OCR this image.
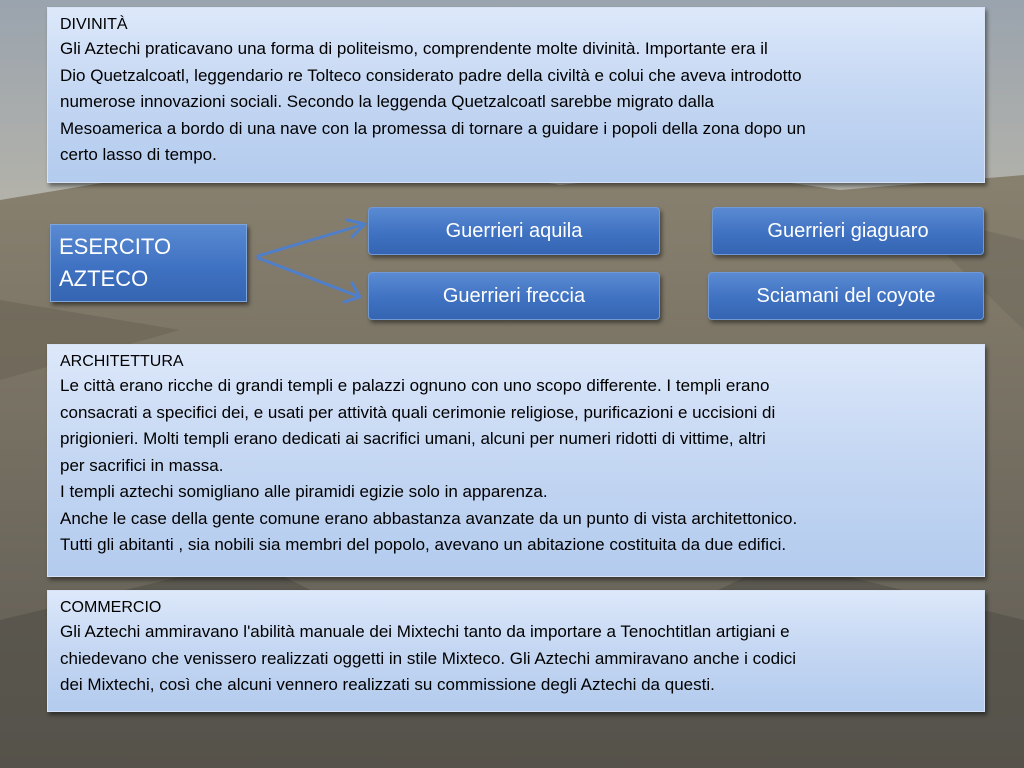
DIVINITÀ

Gli Aztechi praticavano una forma di politeismo, comprendente molte divinità. Importante era il

Dio Quetzalcoatl, leggendario re Tolteco considerato padre della civiltà e colui che aveva introdotto

numerose innovazioni sociali. Secondo la leggenda Quetzalcoatl sarebbe migrato dalla

Mesoamerica a bordo di una nave con la promessa di tornare a guidare i popoli della zona dopo un

certo lasso di tempo.

ESERCITO
AZTECO
Guerrieri aquila	Guerrieri giaguaro
Guerrieri freccia	Sciamani del coyote
ARCHITETTURA

Le città erano ricche di grandi templi e palazzi ognuno con uno scopo differente. I templi erano

consacrati a specifici dei, e usati per attività quali cerimonie religiose, purificazioni e uccisioni di

prigionieri. Molti templi erano dedicati ai sacrifici umani, alcuni per numeri ridotti di vittime, altri

per sacrifici in massa.

I templi aztechi somigliano alle piramidi egizie solo in apparenza.

Anche le case della gente comune erano abbastanza avanzate da un punto di vista architettonico.

Tutti gli abitanti , sia nobili sia membri del popolo, avevano un abitazione costituita da due edifici.

COMMERCIO

Gli Aztechi ammiravano l'abilità manuale dei Mixtechi tanto da importare a Tenochtitlan artigiani e

chiedevano che venissero realizzati oggetti in stile Mixteco. Gli Aztechi ammiravano anche i codici

dei Mixtechi, così che alcuni vennero realizzati su commissione degli Aztechi da questi.
